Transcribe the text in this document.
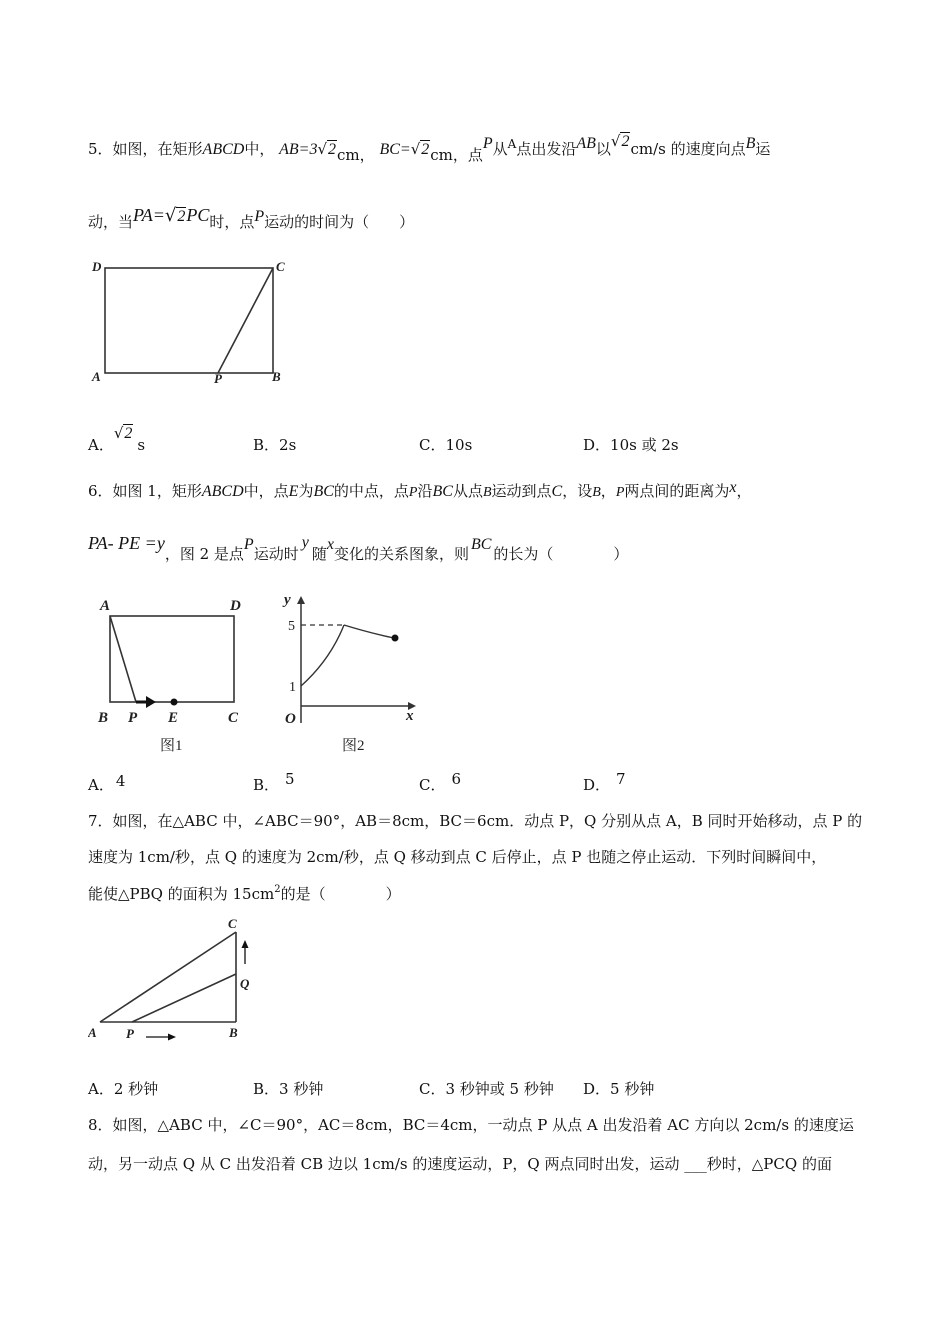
5．如图，在矩形ABCD中， AB=3√2cm， BC=√2cm，点P从$^A$点出发沿AB以√2cm/s 的速度向点B运
动，当PA=√2PC时，点P运动的时间为（　　）
D	C
A	P	B
A．√2s	B．2s	C．10s	D．10s 或 2s
6．如图 1，矩形ABCD中，点E为BC的中点，点P沿BC从点B运动到点C，设B，P两点间的距离为x，
PA- PE =y，图 2 是点P运动时y随x变化的关系图象，则BC的长为（　　　　）
A	D
B P E	C
图1
y
5
1
O	x
图2
A． 4	B． 5	C． 6	D． 7
7．如图，在△ABC 中，∠ABC＝90°，AB＝8cm，BC＝6cm．动点 P，Q 分别从点 A，B 同时开始移动，点 P 的
速度为 1cm/秒，点 Q 的速度为 2cm/秒，点 Q 移动到点 C 后停止，点 P 也随之停止运动．下列时间瞬间中，
能使△PBQ 的面积为 $15cm^2$的是（　　　　）
C
Q
A P	B
A．2 秒钟	B．3 秒钟	C．3 秒钟或 5 秒钟 D．5 秒钟
8．如图，△ABC 中，∠C＝90°，AC＝8cm，BC＝4cm，一动点 P 从点 A 出发沿着 AC 方向以 2cm/s 的速度运
动，另一动点 Q 从 C 出发沿着 CB 边以 1cm/s 的速度运动，P，Q 两点同时出发，运动 ___秒时，△PCQ 的面
